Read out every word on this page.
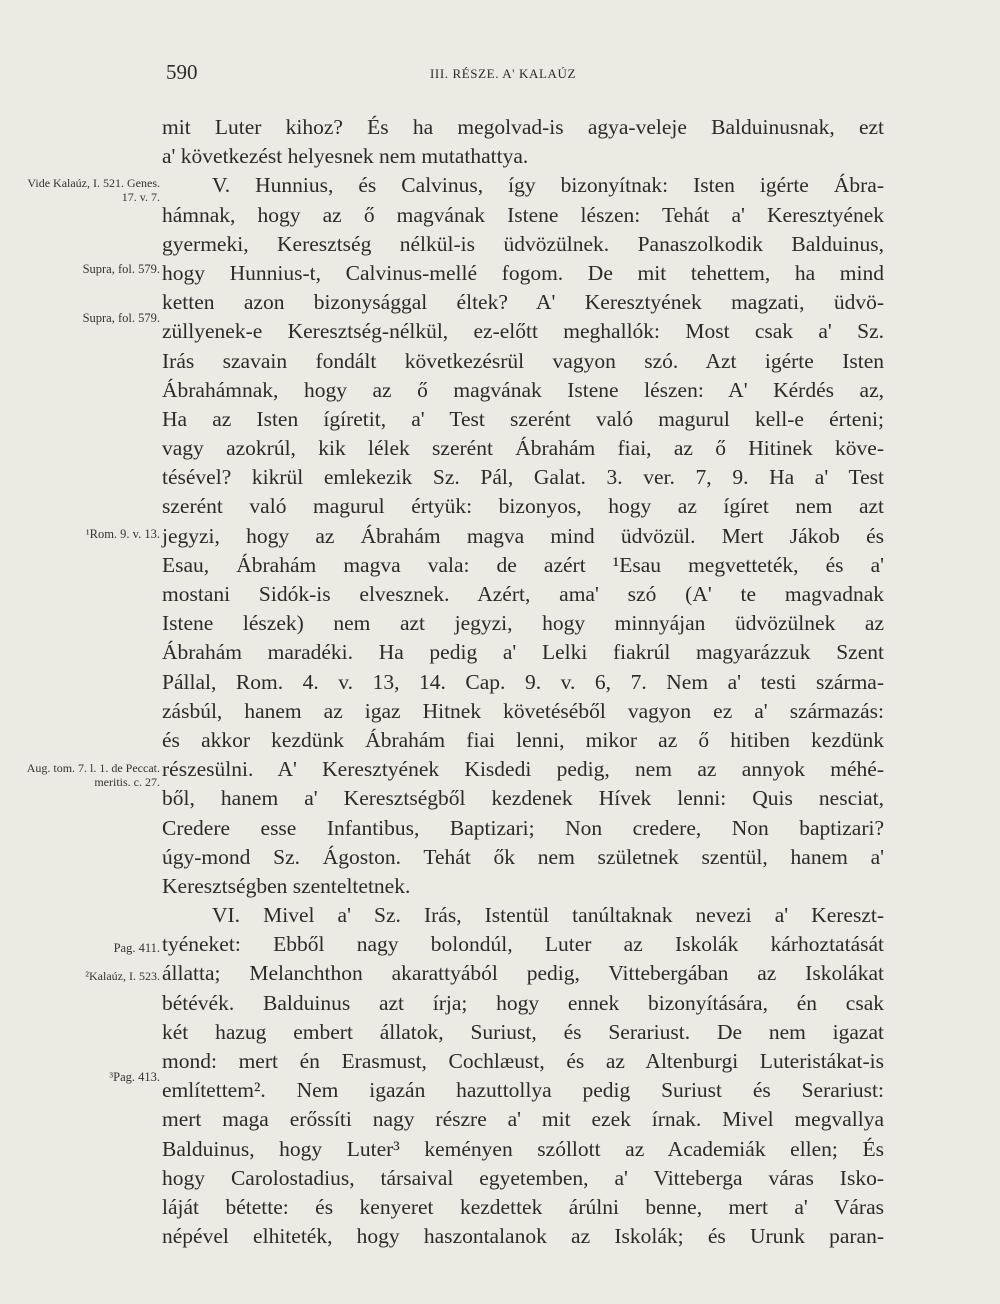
590	III. RÉSZE. A' KALAÚZ
Vide Kalaúz, I. 521. Genes. 17. v. 7.
Supra, fol. 579.
Supra, fol. 579.
¹Rom. 9. v. 13.
Aug. tom. 7. l. 1. de Peccat. meritis. c. 27.
Pag. 411.
²Kalaúz, I. 523.
³Pag. 413.
mit Luter kihoz? És ha megolvad-is agya-veleje Balduinusnak, ezt
a' következést helyesnek nem mutathattya.
V. Hunnius, és Calvinus, így bizonyítnak: Isten igérte Ábra-
hámnak, hogy az ő magvának Istene lészen: Tehát a' Keresztyének
gyermeki, Keresztség nélkül-is üdvözülnek. Panaszolkodik Balduinus,
hogy Hunnius-t, Calvinus-mellé fogom. De mit tehettem, ha mind
ketten azon bizonysággal éltek? A' Keresztyének magzati, üdvö-
züllyenek-e Keresztség-nélkül, ez-előtt meghallók: Most csak a' Sz.
Irás szavain fondált következésrül vagyon szó. Azt igérte Isten
Ábrahámnak, hogy az ő magvának Istene lészen: A' Kérdés az,
Ha az Isten ígíretit, a' Test szerént való magurul kell-e érteni;
vagy azokrúl, kik lélek szerént Ábrahám fiai, az ő Hitinek köve-
tésével? kikrül emlekezik Sz. Pál, Galat. 3. ver. 7, 9. Ha a' Test
szerént való magurul értyük: bizonyos, hogy az ígíret nem azt
jegyzi, hogy az Ábrahám magva mind üdvözül. Mert Jákob és
Esau, Ábrahám magva vala: de azért ¹Esau megvetteték, és a'
mostani Sidók-is elvesznek. Azért, ama' szó (A' te magvadnak
Istene lészek) nem azt jegyzi, hogy minnyájan üdvözülnek az
Ábrahám maradéki. Ha pedig a' Lelki fiakrúl magyarázzuk Szent
Pállal, Rom. 4. v. 13, 14. Cap. 9. v. 6, 7. Nem a' testi szárma-
zásbúl, hanem az igaz Hitnek követéséből vagyon ez a' származás:
és akkor kezdünk Ábrahám fiai lenni, mikor az ő hitiben kezdünk
részesülni. A' Keresztyének Kisdedi pedig, nem az annyok méhé-
ből, hanem a' Keresztségből kezdenek Hívek lenni: Quis nesciat,
Credere esse Infantibus, Baptizari; Non credere, Non baptizari?
úgy-mond Sz. Ágoston. Tehát ők nem születnek szentül, hanem a'
Keresztségben szenteltetnek.
VI. Mivel a' Sz. Irás, Istentül tanúltaknak nevezi a' Kereszt-
tyéneket: Ebből nagy bolondúl, Luter az Iskolák kárhoztatását
állatta; Melanchthon akarattyából pedig, Vittebergában az Iskolákat
bétévék. Balduinus azt írja; hogy ennek bizonyítására, én csak
két hazug embert állatok, Suriust, és Serariust. De nem igazat
mond: mert én Erasmust, Cochlæust, és az Altenburgi Luteristákat-is
említettem². Nem igazán hazuttollya pedig Suriust és Serariust:
mert maga erőssíti nagy részre a' mit ezek írnak. Mivel megvallya
Balduinus, hogy Luter³ keményen szóllott az Academiák ellen; És
hogy Carolostadius, társaival egyetemben, a' Vitteberga váras Isko-
láját bétette: és kenyeret kezdettek árúlni benne, mert a' Váras
népével elhiteték, hogy haszontalanok az Iskolák; és Urunk paran-
